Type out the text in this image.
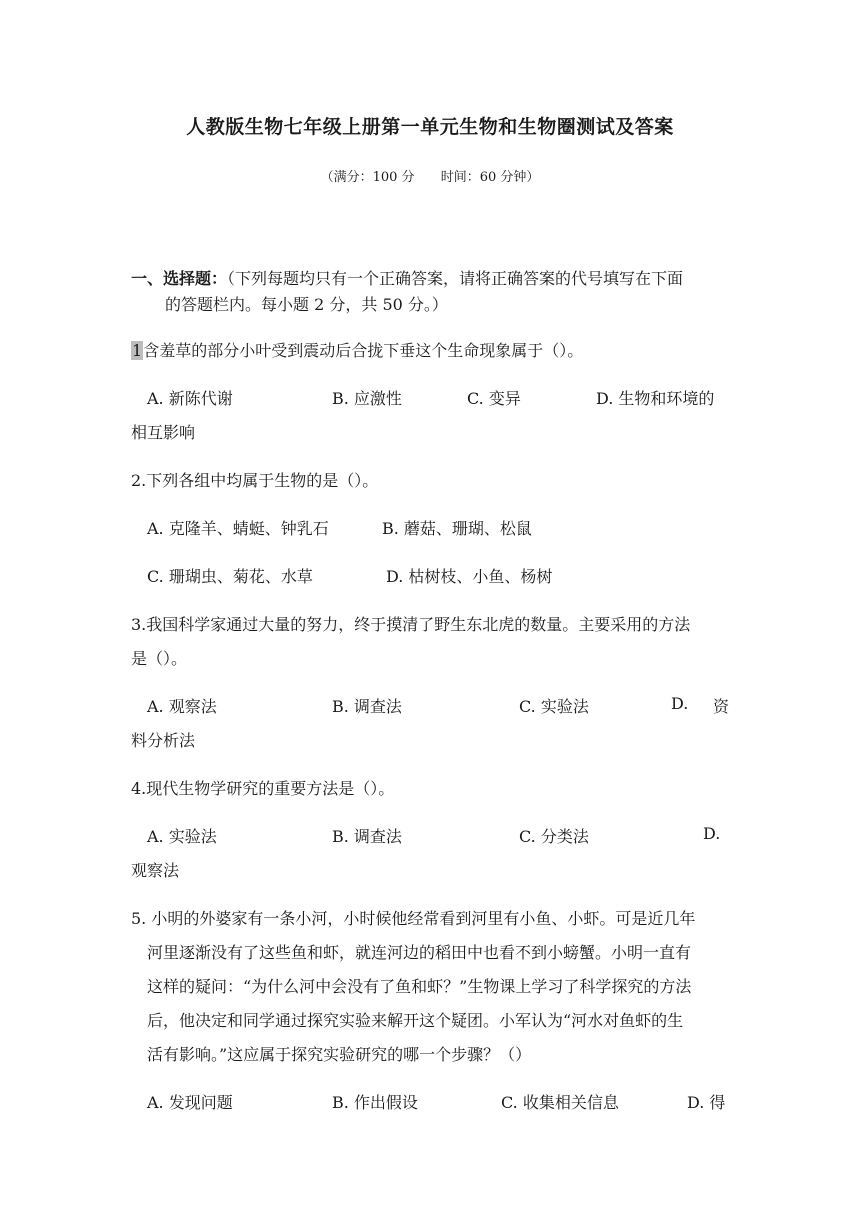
人教版生物七年级上册第一单元生物和生物圈测试及答案
（满分：100 分 时间：60 分钟）
一、选择题：（下列每题均只有一个正确答案，请将正确答案的代号填写在下面
的答题栏内。每小题 2 分，共 50 分。）
1含羞草的部分小叶受到震动后合拢下垂这个生命现象属于（）。
A. 新陈代谢	B. 应激性	C. 变异	D. 生物和环境的
相互影响
2.下列各组中均属于生物的是（）。
A. 克隆羊、蜻蜓、钟乳石	B. 蘑菇、珊瑚、松鼠
C. 珊瑚虫、菊花、水草	D. 枯树枝、小鱼、杨树
3.我国科学家通过大量的努力，终于摸清了野生东北虎的数量。主要采用的方法
是（）。
A. 观察法	B. 调查法	C. 实验法	D. 资
料分析法
4.现代生物学研究的重要方法是（）。
A. 实验法	B. 调查法	C. 分类法	D.
观察法
5. 小明的外婆家有一条小河，小时候他经常看到河里有小鱼、小虾。可是近几年
河里逐渐没有了这些鱼和虾，就连河边的稻田中也看不到小螃蟹。小明一直有
这样的疑问：“为什么河中会没有了鱼和虾？”生物课上学习了科学探究的方法
后，他决定和同学通过探究实验来解开这个疑团。小军认为“河水对鱼虾的生
活有影响。”这应属于探究实验研究的哪一个步骤？（）
A. 发现问题	B. 作出假设	C. 收集相关信息	D. 得
